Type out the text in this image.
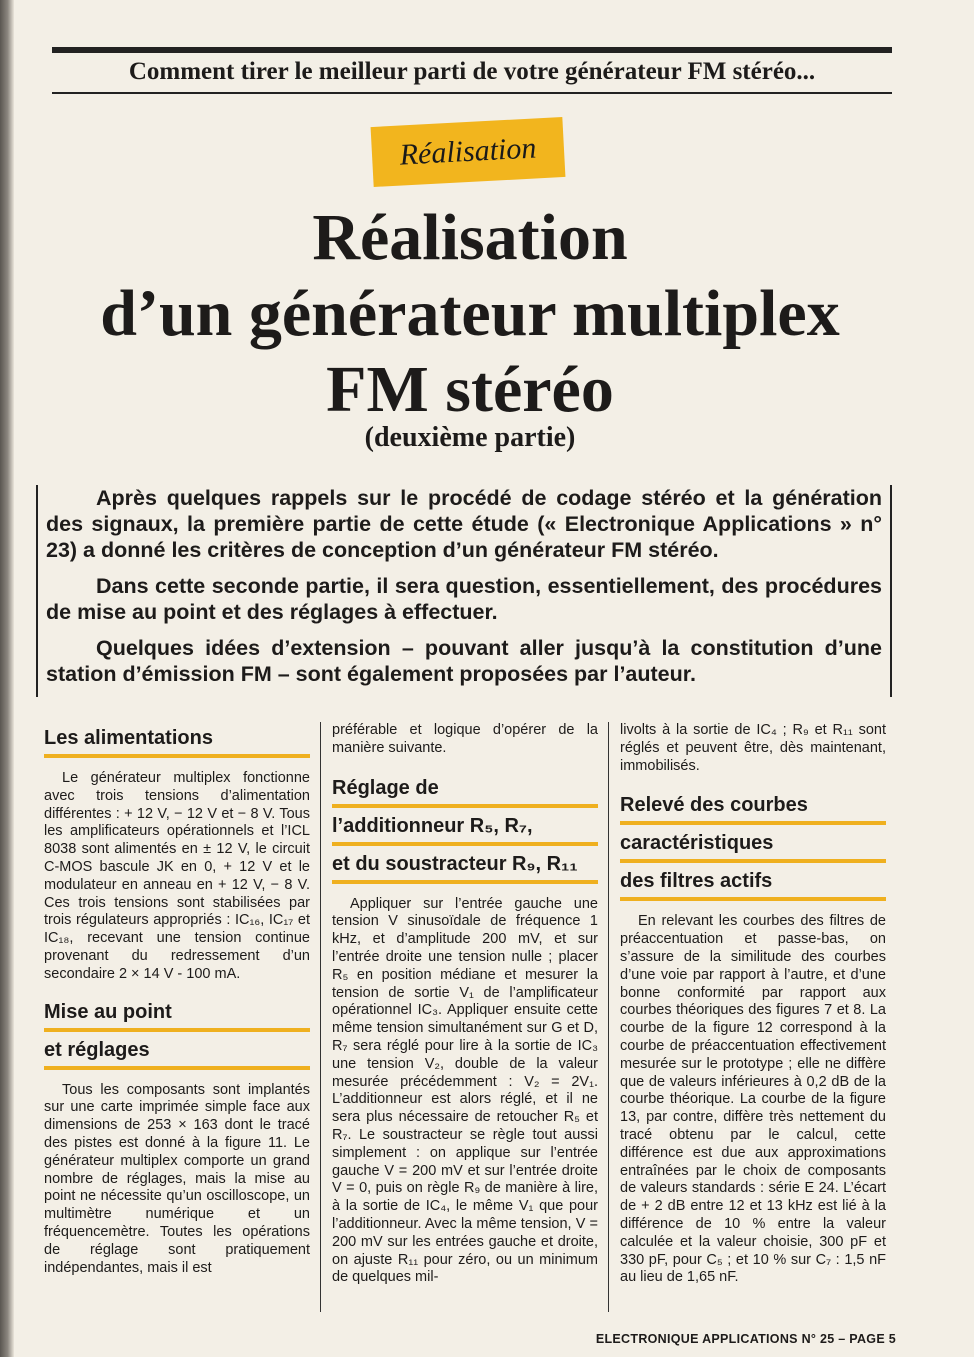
Comment tirer le meilleur parti de votre générateur FM stéréo...
Réalisation
Réalisation
d’un générateur multiplex
FM stéréo
(deuxième partie)

Après quelques rappels sur le procédé de codage stéréo et la génération des signaux, la première partie de cette étude (« Electronique Applications » n° 23) a donné les critères de conception d’un générateur FM stéréo.

Dans cette seconde partie, il sera question, essentiellement, des procédures de mise au point et des réglages à effectuer.

Quelques idées d’extension – pouvant aller jusqu’à la constitution d’une station d’émission FM – sont également proposées par l’auteur.

Les alimentations

Le générateur multiplex fonctionne avec trois tensions d’alimentation différentes : + 12 V, − 12 V et − 8 V. Tous les amplificateurs opérationnels et l’ICL 8038 sont alimentés en ± 12 V, le circuit C-MOS bascule JK en 0, + 12 V et le modulateur en anneau en + 12 V, − 8 V. Ces trois tensions sont stabilisées par trois régulateurs appropriés : IC₁₆, IC₁₇ et IC₁₈, recevant une tension continue provenant du redressement d’un secondaire 2 × 14 V - 100 mA.

Mise au point
et réglages

Tous les composants sont implantés sur une carte imprimée simple face aux dimensions de 253 × 163 dont le tracé des pistes est donné à la figure 11. Le générateur multiplex comporte un grand nombre de réglages, mais la mise au point ne nécessite qu’un oscilloscope, un multimètre numérique et un fréquencemètre. Toutes les opérations de réglage sont pratiquement indépendantes, mais il est

préférable et logique d’opérer de la manière suivante.

Réglage de
l’additionneur R₅, R₇,
et du soustracteur R₉, R₁₁

Appliquer sur l’entrée gauche une tension V sinusoïdale de fréquence 1 kHz, et d’amplitude 200 mV, et sur l’entrée droite une tension nulle ; placer R₅ en position médiane et mesurer la tension de sortie V₁ de l’amplificateur opérationnel IC₃. Appliquer ensuite cette même tension simultanément sur G et D, R₇ sera réglé pour lire à la sortie de IC₃ une tension V₂, double de la valeur mesurée précédemment : V₂ = 2V₁. L’additionneur est alors réglé, et il ne sera plus nécessaire de retoucher R₅ et R₇. Le soustracteur se règle tout aussi simplement : on applique sur l’entrée gauche V = 200 mV et sur l’entrée droite V = 0, puis on règle R₉ de manière à lire, à la sortie de IC₄, le même V₁ que pour l’additionneur. Avec la même tension, V = 200 mV sur les entrées gauche et droite, on ajuste R₁₁ pour zéro, ou un minimum de quelques mil-

livolts à la sortie de IC₄ ; R₉ et R₁₁ sont réglés et peuvent être, dès maintenant, immobilisés.

Relevé des courbes
caractéristiques
des filtres actifs

En relevant les courbes des filtres de préaccentuation et passe-bas, on s’assure de la similitude des courbes d’une voie par rapport à l’autre, et d’une bonne conformité par rapport aux courbes théoriques des figures 7 et 8. La courbe de la figure 12 correspond à la courbe de préaccentuation effectivement mesurée sur le prototype ; elle ne diffère que de valeurs inférieures à 0,2 dB de la courbe théorique. La courbe de la figure 13, par contre, diffère très nettement du tracé obtenu par le calcul, cette différence est due aux approximations entraînées par le choix de composants de valeurs standards : série E 24. L’écart de + 2 dB entre 12 et 13 kHz est lié à la différence de 10 % entre la valeur calculée et la valeur choisie, 300 pF et 330 pF, pour C₅ ; et 10 % sur C₇ : 1,5 nF au lieu de 1,65 nF.

ELECTRONIQUE APPLICATIONS N° 25 – PAGE 5
